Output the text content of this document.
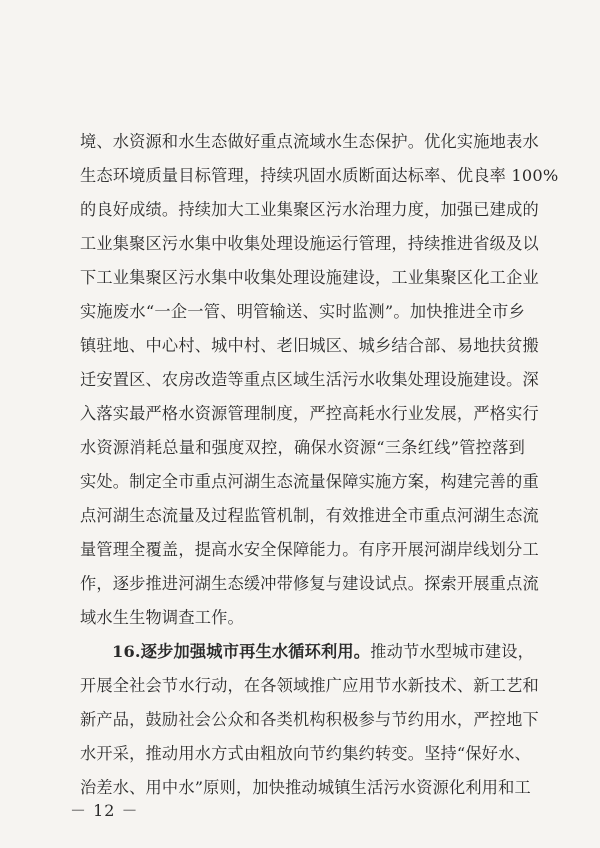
境、水资源和水生态做好重点流域水生态保护。优化实施地表水
生态环境质量目标管理，持续巩固水质断面达标率、优良率 100%
的良好成绩。持续加大工业集聚区污水治理力度，加强已建成的
工业集聚区污水集中收集处理设施运行管理，持续推进省级及以
下工业集聚区污水集中收集处理设施建设，工业集聚区化工企业
实施废水“一企一管、明管输送、实时监测”。加快推进全市乡
镇驻地、中心村、城中村、老旧城区、城乡结合部、易地扶贫搬
迁安置区、农房改造等重点区域生活污水收集处理设施建设。深
入落实最严格水资源管理制度，严控高耗水行业发展，严格实行
水资源消耗总量和强度双控，确保水资源“三条红线”管控落到
实处。制定全市重点河湖生态流量保障实施方案，构建完善的重
点河湖生态流量及过程监管机制，有效推进全市重点河湖生态流
量管理全覆盖，提高水安全保障能力。有序开展河湖岸线划分工
作，逐步推进河湖生态缓冲带修复与建设试点。探索开展重点流
域水生生物调查工作。
16.逐步加强城市再生水循环利用。推动节水型城市建设，
开展全社会节水行动，在各领域推广应用节水新技术、新工艺和
新产品，鼓励社会公众和各类机构积极参与节约用水，严控地下
水开采，推动用水方式由粗放向节约集约转变。坚持“保好水、
治差水、用中水”原则，加快推动城镇生活污水资源化利用和工
－ 12 －
